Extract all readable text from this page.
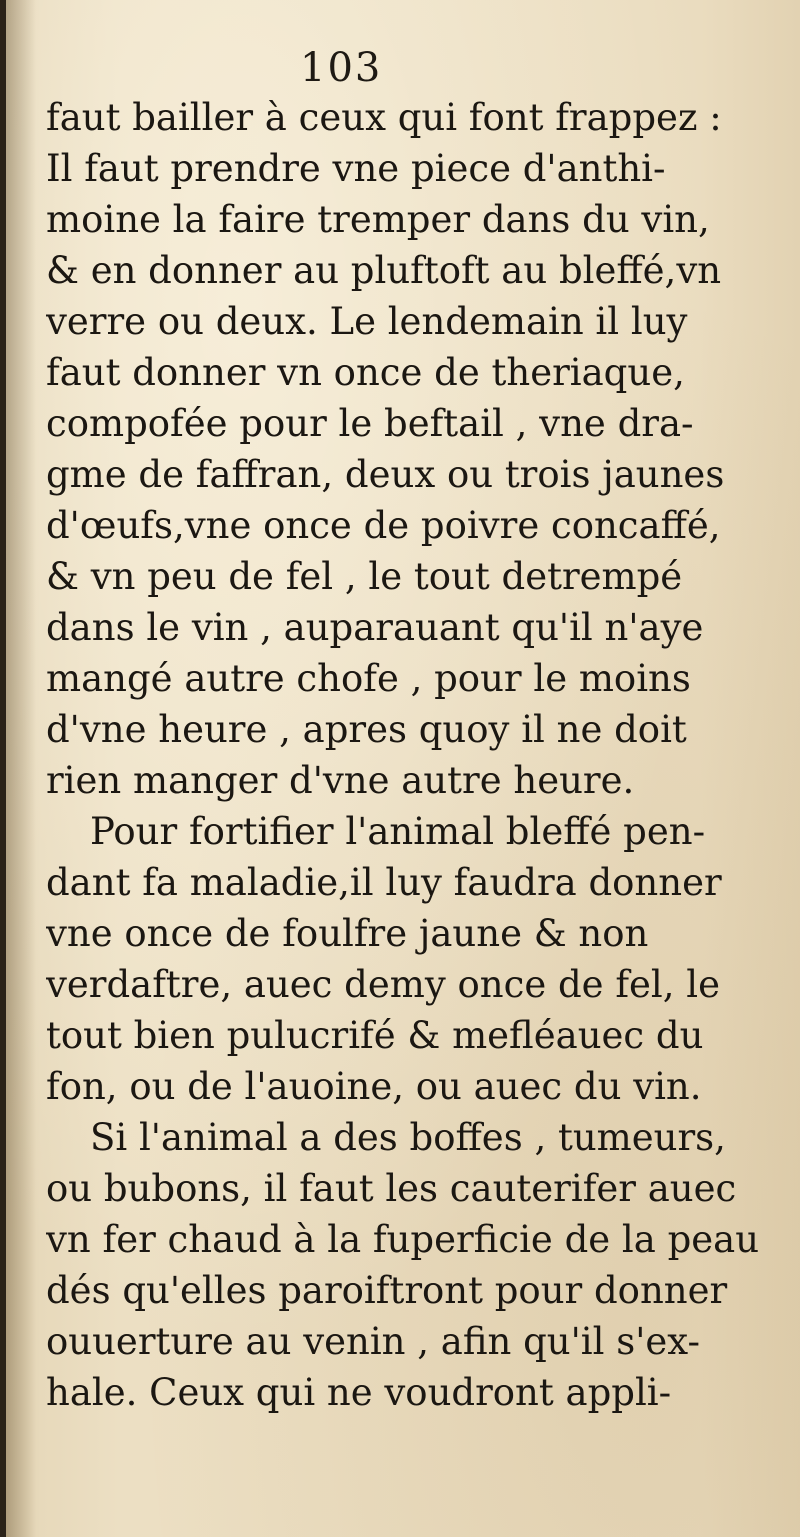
103
faut bailler à ceux qui font frappez :
Il faut prendre vne piece d'anthi-
moine la faire tremper dans du vin,
& en donner au pluftoft au bleffé,vn
verre ou deux. Le lendemain il luy
faut donner vn once de theriaque,
compofée pour le beftail , vne dra-
gme de faffran, deux ou trois jaunes
d'œufs,vne once de poivre concaffé,
& vn peu de fel , le tout detrempé
dans le vin , auparauant qu'il n'aye
mangé autre chofe , pour le moins
d'vne heure , apres quoy il ne doit
rien manger d'vne autre heure.
Pour fortifier l'animal bleffé pen-
dant fa maladie,il luy faudra donner
vne once de foulfre jaune & non
verdaftre, auec demy once de fel, le
tout bien pulucrifé & mefléauec du
fon, ou de l'auoine, ou auec du vin.
Si l'animal a des boffes , tumeurs,
ou bubons, il faut les cauterifer auec
vn fer chaud à la fuperficie de la peau
dés qu'elles paroiftront pour donner
ouuerture au venin , afin qu'il s'ex-
hale. Ceux qui ne voudront appli-
